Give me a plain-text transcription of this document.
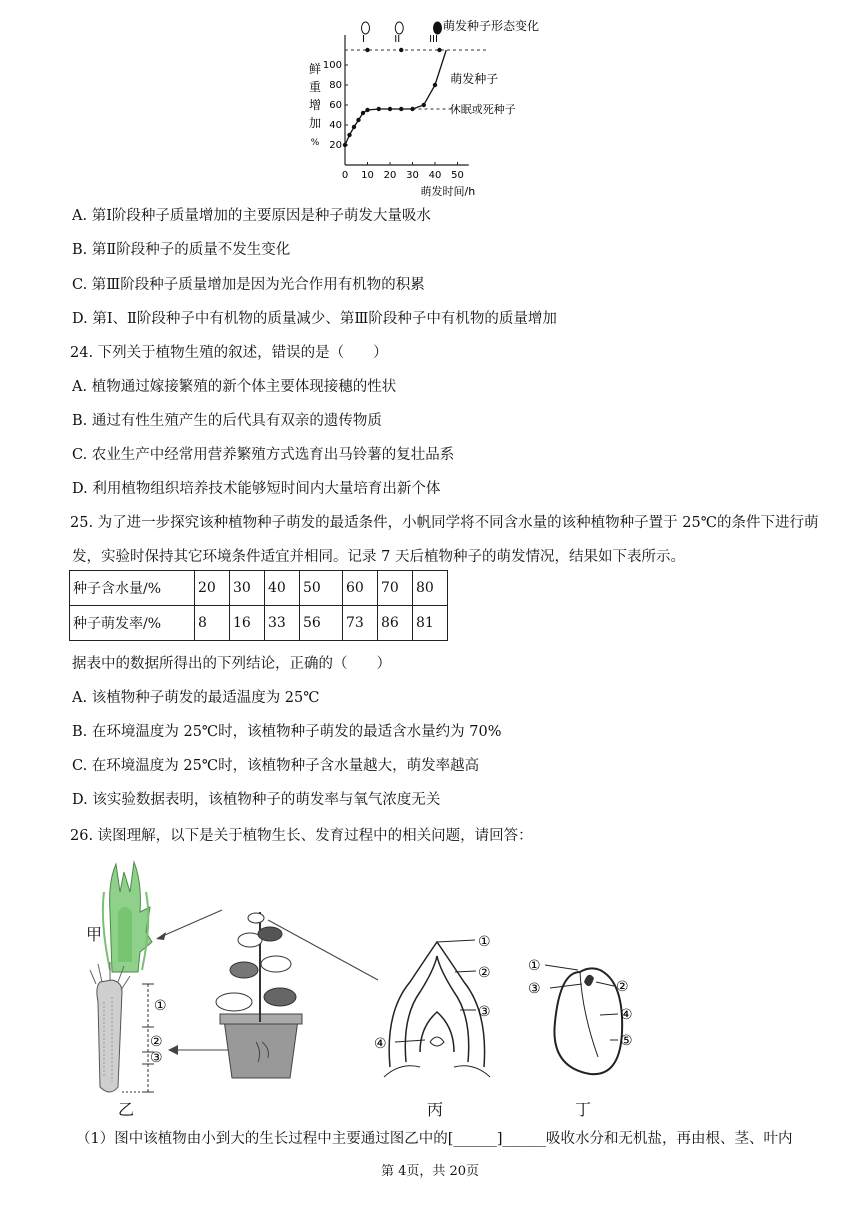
0 10 20 30 40 50
20
40
60
80
100
鲜
重
增
加
%
萌发时间/h
I	II	III
萌发种子形态变化
萌发种子
休眠或死种子
A. 第Ⅰ阶段种子质量增加的主要原因是种子萌发大量吸水
B. 第Ⅱ阶段种子的质量不发生变化
C. 第Ⅲ阶段种子质量增加是因为光合作用有机物的积累
D. 第Ⅰ、Ⅱ阶段种子中有机物的质量减少、第Ⅲ阶段种子中有机物的质量增加
24. 下列关于植物生殖的叙述，错误的是（　　）
A. 植物通过嫁接繁殖的新个体主要体现接穗的性状
B. 通过有性生殖产生的后代具有双亲的遗传物质
C. 农业生产中经常用营养繁殖方式选育出马铃薯的复壮品系
D. 利用植物组织培养技术能够短时间内大量培育出新个体
25. 为了进一步探究该种植物种子萌发的最适条件，小帆同学将不同含水量的该种植物种子置于 25℃的条件下进行萌
发，实验时保持其它环境条件适宜并相同。记录 7 天后植物种子的萌发情况，结果如下表所示。
种子含水量/%	20	30	40	50	60	70	80
种子萌发率/%	8	16	33	56	73	86	81
据表中的数据所得出的下列结论，正确的（　　）
A. 该植物种子萌发的最适温度为 25℃
B. 在环境温度为 25℃时，该植物种子萌发的最适含水量约为 70%
C. 在环境温度为 25℃时，该植物种子含水量越大，萌发率越高
D. 该实验数据表明，该植物种子的萌发率与氧气浓度无关
26. 读图理解，以下是关于植物生长、发育过程中的相关问题，请回答：
①
②
③
①
②
③
④
①
③	②
④
⑤
甲
乙	丙	丁
（1）图中该植物由小到大的生长过程中主要通过图乙中的[______]______吸收水分和无机盐，再由根、茎、叶内
第 4页，共 20页
